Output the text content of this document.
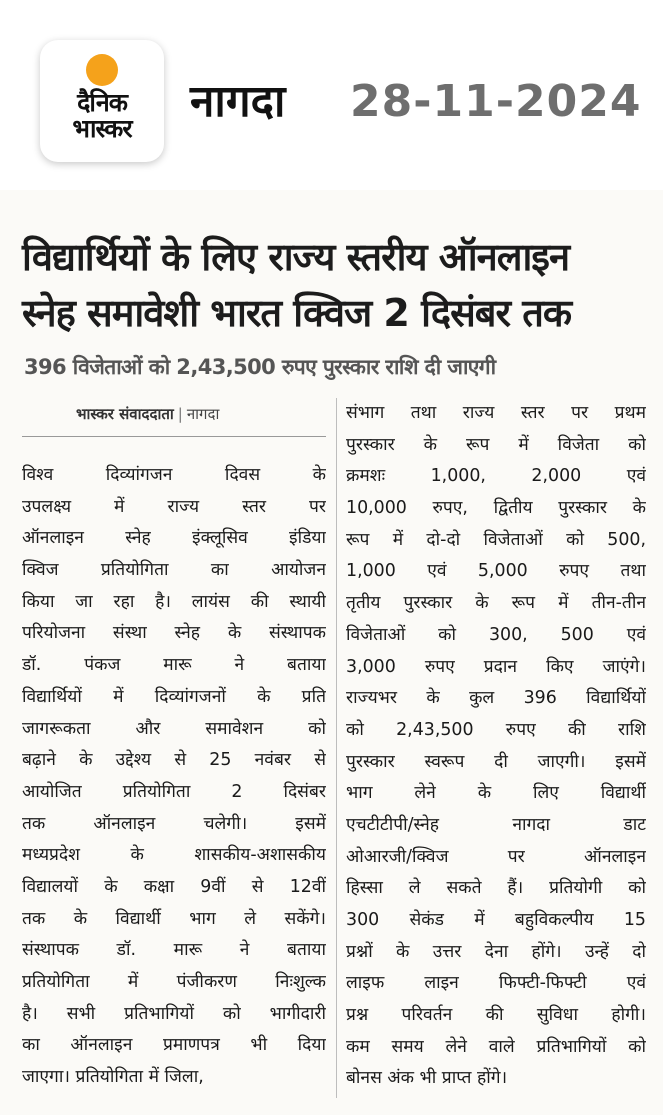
दैनिक
भास्कर
नागदा 28-11-2024
विद्यार्थियों के लिए राज्य स्तरीय ऑनलाइन
स्नेह समावेशी भारत क्विज 2 दिसंबर तक
396 विजेताओं को 2,43,500 रुपए पुरस्कार राशि दी जाएगी
भास्कर संवाददाता | नागदा
विश्व दिव्यांगजन दिवस के
उपलक्ष्य में राज्य स्तर पर
ऑनलाइन स्नेह इंक्लूसिव इंडिया
क्विज प्रतियोगिता का आयोजन
किया जा रहा है। लायंस की स्थायी
परियोजना संस्था स्नेह के संस्थापक
डॉ. पंकज मारू ने बताया
विद्यार्थियों में दिव्यांगजनों के प्रति
जागरूकता और समावेशन को
बढ़ाने के उद्देश्य से 25 नवंबर से
आयोजित प्रतियोगिता 2 दिसंबर
तक ऑनलाइन चलेगी। इसमें
मध्यप्रदेश के शासकीय-अशासकीय
विद्यालयों के कक्षा 9वीं से 12वीं
तक के विद्यार्थी भाग ले सकेंगे।
संस्थापक डॉ. मारू ने बताया
प्रतियोगिता में पंजीकरण निःशुल्क
है। सभी प्रतिभागियों को भागीदारी
का ऑनलाइन प्रमाणपत्र भी दिया
जाएगा। प्रतियोगिता में जिला,
संभाग तथा राज्य स्तर पर प्रथम
पुरस्कार के रूप में विजेता को
क्रमशः 1,000, 2,000 एवं
10,000 रुपए, द्वितीय पुरस्कार के
रूप में दो-दो विजेताओं को 500,
1,000 एवं 5,000 रुपए तथा
तृतीय पुरस्कार के रूप में तीन-तीन
विजेताओं को 300, 500 एवं
3,000 रुपए प्रदान किए जाएंगे।
राज्यभर के कुल 396 विद्यार्थियों
को 2,43,500 रुपए की राशि
पुरस्कार स्वरूप दी जाएगी। इसमें
भाग लेने के लिए विद्यार्थी
एचटीटीपी/स्नेह नागदा डाट
ओआरजी/क्विज पर ऑनलाइन
हिस्सा ले सकते हैं। प्रतियोगी को
300 सेकंड में बहुविकल्पीय 15
प्रश्नों के उत्तर देना होंगे। उन्हें दो
लाइफ लाइन फिफ्टी-फिफ्टी एवं
प्रश्न परिवर्तन की सुविधा होगी।
कम समय लेने वाले प्रतिभागियों को
बोनस अंक भी प्राप्त होंगे।
